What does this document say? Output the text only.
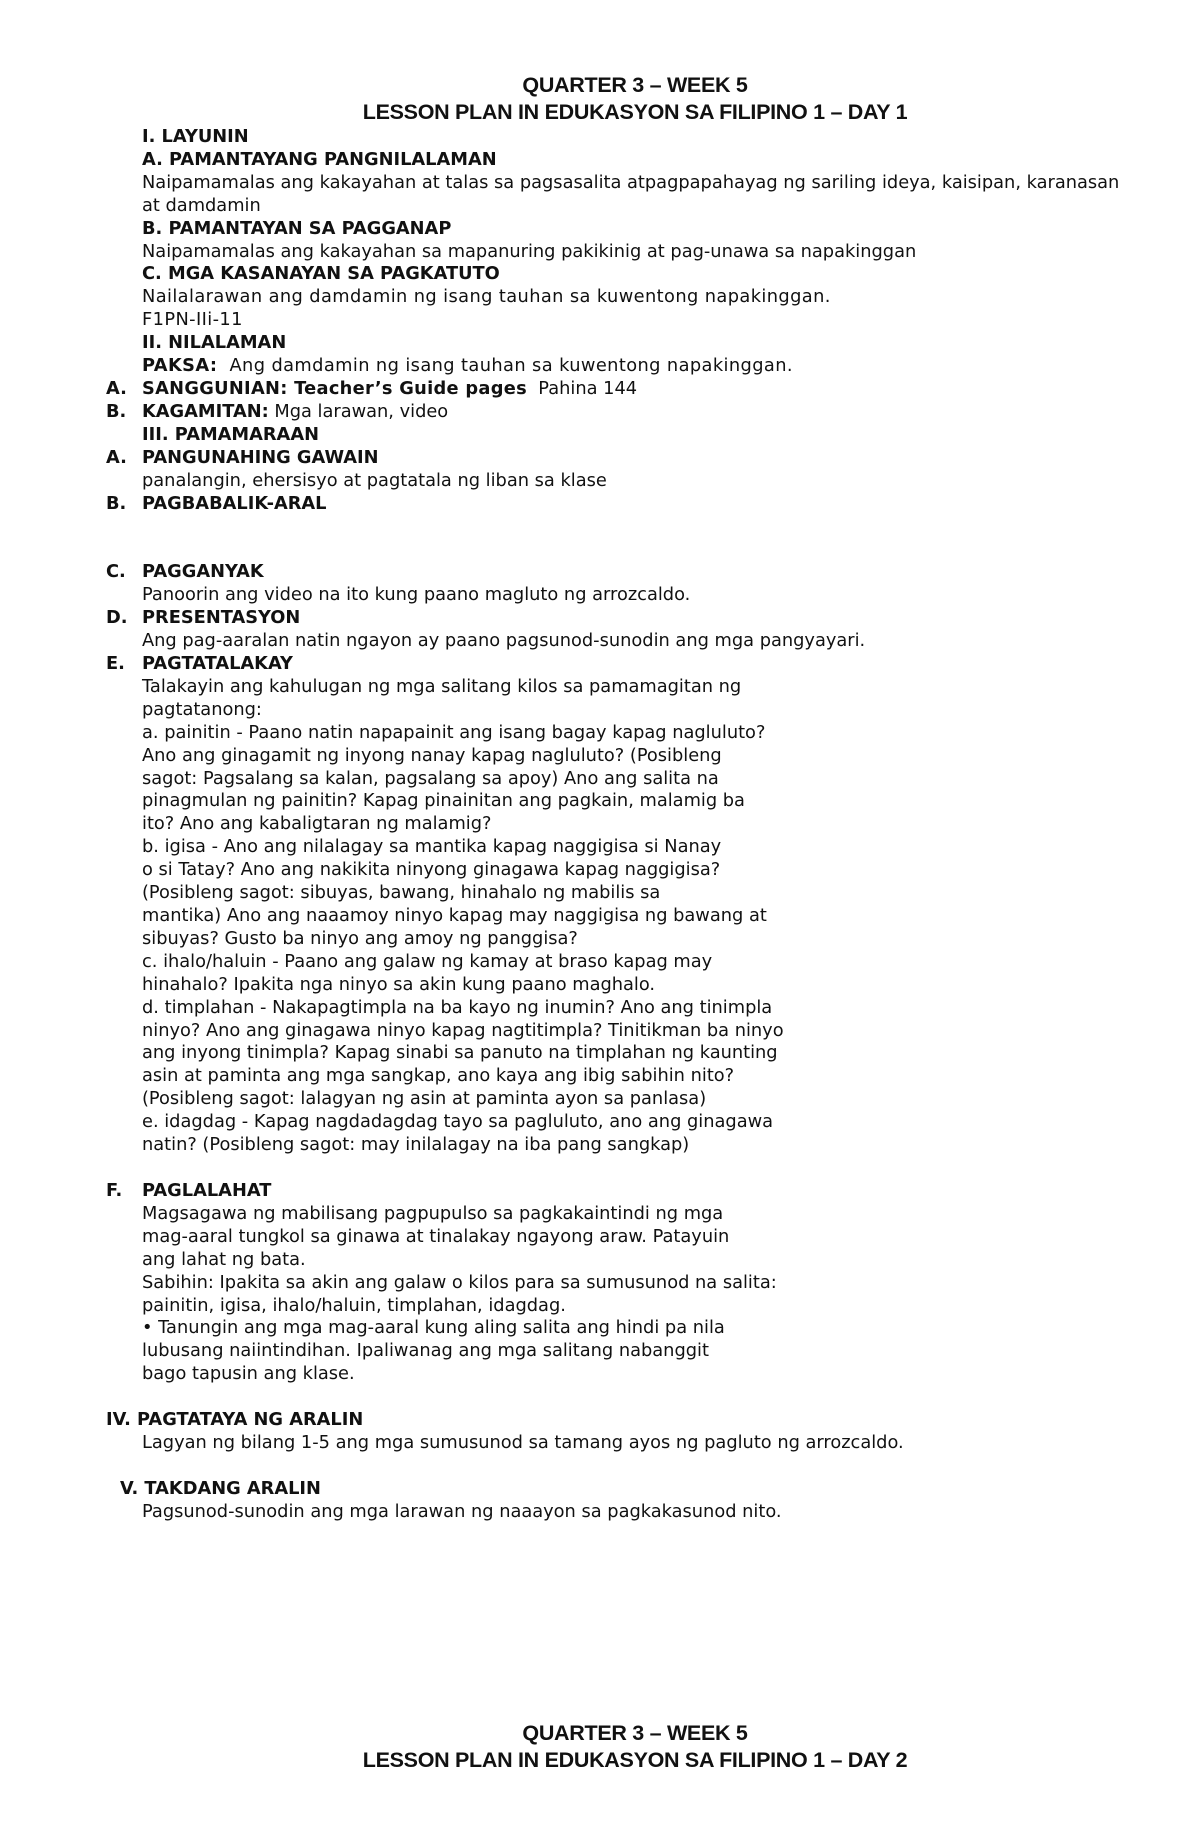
QUARTER 3 – WEEK 5
LESSON PLAN IN EDUKASYON SA FILIPINO 1 – DAY 1
I. LAYUNIN
A. PAMANTAYANG PANGNILALAMAN
Naipamamalas ang kakayahan at talas sa pagsasalita atpagpapahayag ng sariling ideya, kaisipan, karanasan at damdamin
B. PAMANTAYAN SA PAGGANAP
Naipamamalas ang kakayahan sa mapanuring pakikinig at pag-unawa sa napakinggan
C. MGA KASANAYAN SA PAGKATUTO
Nailalarawan ang damdamin ng isang tauhan sa kuwentong napakinggan.
F1PN-IIi-11
II. NILALAMAN
PAKSA: Ang damdamin ng isang tauhan sa kuwentong napakinggan.
A. SANGGUNIAN: Teacher’s Guide pages Pahina 144
B. KAGAMITAN: Mga larawan, video
III. PAMAMARAAN
A. PANGUNAHING GAWAIN
panalangin, ehersisyo at pagtatala ng liban sa klase
B. PAGBABALIK-ARAL
C. PAGGANYAK
Panoorin ang video na ito kung paano magluto ng arrozcaldo.
D. PRESENTASYON
Ang pag-aaralan natin ngayon ay paano pagsunod-sunodin ang mga pangyayari.
E. PAGTATALAKAY
Talakayin ang kahulugan ng mga salitang kilos sa pamamagitan ng
pagtatanong:
a. painitin - Paano natin napapainit ang isang bagay kapag nagluluto?
Ano ang ginagamit ng inyong nanay kapag nagluluto? (Posibleng
sagot: Pagsalang sa kalan, pagsalang sa apoy) Ano ang salita na
pinagmulan ng painitin? Kapag pinainitan ang pagkain, malamig ba
ito? Ano ang kabaligtaran ng malamig?
b. igisa - Ano ang nilalagay sa mantika kapag naggigisa si Nanay
o si Tatay? Ano ang nakikita ninyong ginagawa kapag naggigisa?
(Posibleng sagot: sibuyas, bawang, hinahalo ng mabilis sa
mantika) Ano ang naaamoy ninyo kapag may naggigisa ng bawang at
sibuyas? Gusto ba ninyo ang amoy ng panggisa?
c. ihalo/haluin - Paano ang galaw ng kamay at braso kapag may
hinahalo? Ipakita nga ninyo sa akin kung paano maghalo.
d. timplahan - Nakapagtimpla na ba kayo ng inumin? Ano ang tinimpla
ninyo? Ano ang ginagawa ninyo kapag nagtitimpla? Tinitikman ba ninyo
ang inyong tinimpla? Kapag sinabi sa panuto na timplahan ng kaunting
asin at paminta ang mga sangkap, ano kaya ang ibig sabihin nito?
(Posibleng sagot: lalagyan ng asin at paminta ayon sa panlasa)
e. idagdag - Kapag nagdadagdag tayo sa pagluluto, ano ang ginagawa
natin? (Posibleng sagot: may inilalagay na iba pang sangkap)
F. PAGLALAHAT
Magsagawa ng mabilisang pagpupulso sa pagkakaintindi ng mga
mag-aaral tungkol sa ginawa at tinalakay ngayong araw. Patayuin
ang lahat ng bata.
Sabihin: Ipakita sa akin ang galaw o kilos para sa sumusunod na salita:
painitin, igisa, ihalo/haluin, timplahan, idagdag.
• Tanungin ang mga mag-aaral kung aling salita ang hindi pa nila
lubusang naiintindihan. Ipaliwanag ang mga salitang nabanggit
bago tapusin ang klase.
IV. PAGTATAYA NG ARALIN
Lagyan ng bilang 1-5 ang mga sumusunod sa tamang ayos ng pagluto ng arrozcaldo.
V. TAKDANG ARALIN
Pagsunod-sunodin ang mga larawan ng naaayon sa pagkakasunod nito.
QUARTER 3 – WEEK 5
LESSON PLAN IN EDUKASYON SA FILIPINO 1 – DAY 2
